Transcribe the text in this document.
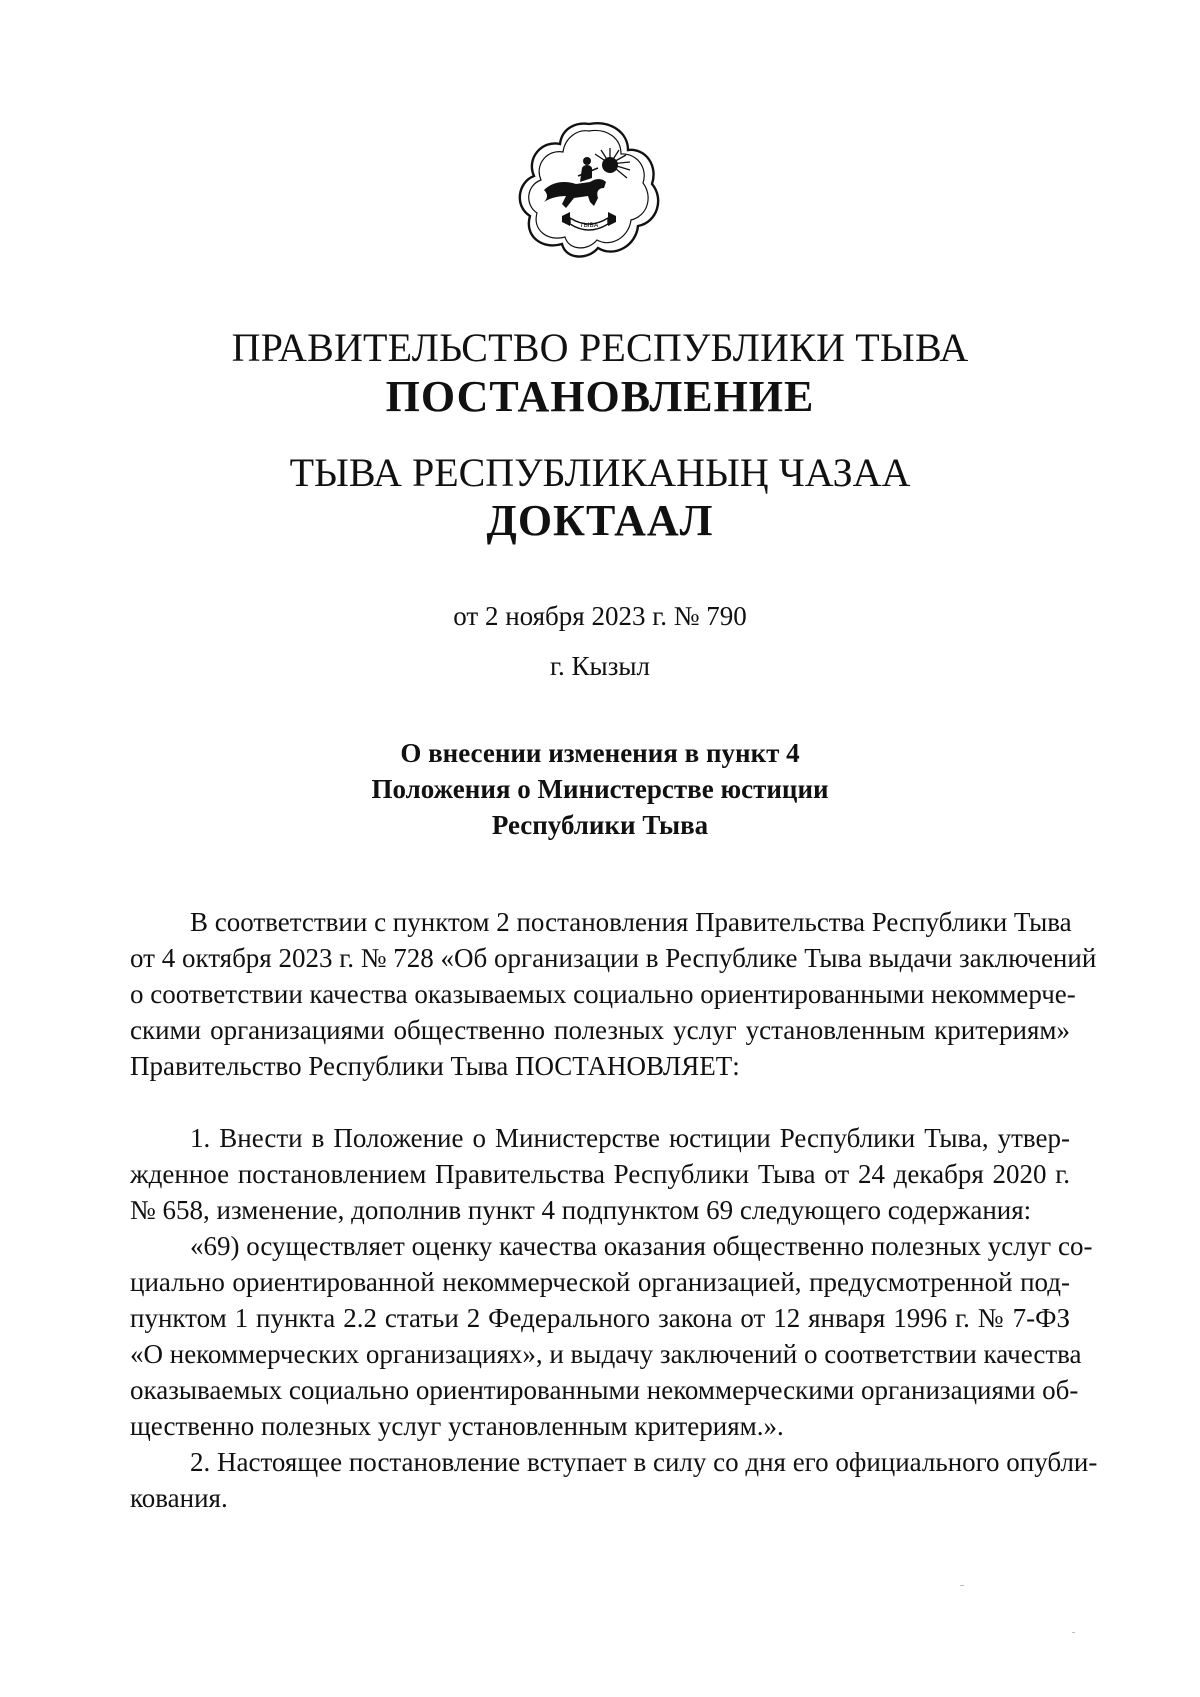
ТЫВА
ПРАВИТЕЛЬСТВО РЕСПУБЛИКИ ТЫВА
ПОСТАНОВЛЕНИЕ
ТЫВА РЕСПУБЛИКАНЫҢ ЧАЗАА
ДОКТААЛ
от 2 ноября 2023 г. № 790
г. Кызыл
О внесении изменения в пункт 4
Положения о Министерстве юстиции
Республики Тыва
В соответствии с пунктом 2 постановления Правительства Республики Тыва
от 4 октября 2023 г. № 728 «Об организации в Республике Тыва выдачи заключений
о соответствии качества оказываемых социально ориентированными некоммерче-
скими организациями общественно полезных услуг установленным критериям»
Правительство Республики Тыва ПОСТАНОВЛЯЕТ:
1. Внести в Положение о Министерстве юстиции Республики Тыва, утвер-
жденное постановлением Правительства Республики Тыва от 24 декабря 2020 г.
№ 658, изменение, дополнив пункт 4 подпунктом 69 следующего содержания:
«69) осуществляет оценку качества оказания общественно полезных услуг со-
циально ориентированной некоммерческой организацией, предусмотренной под-
пунктом 1 пункта 2.2 статьи 2 Федерального закона от 12 января 1996 г. № 7-ФЗ
«О некоммерческих организациях», и выдачу заключений о соответствии качества
оказываемых социально ориентированными некоммерческими организациями об-
щественно полезных услуг установленным критериям.».
2. Настоящее постановление вступает в силу со дня его официального опубли-
кования.
